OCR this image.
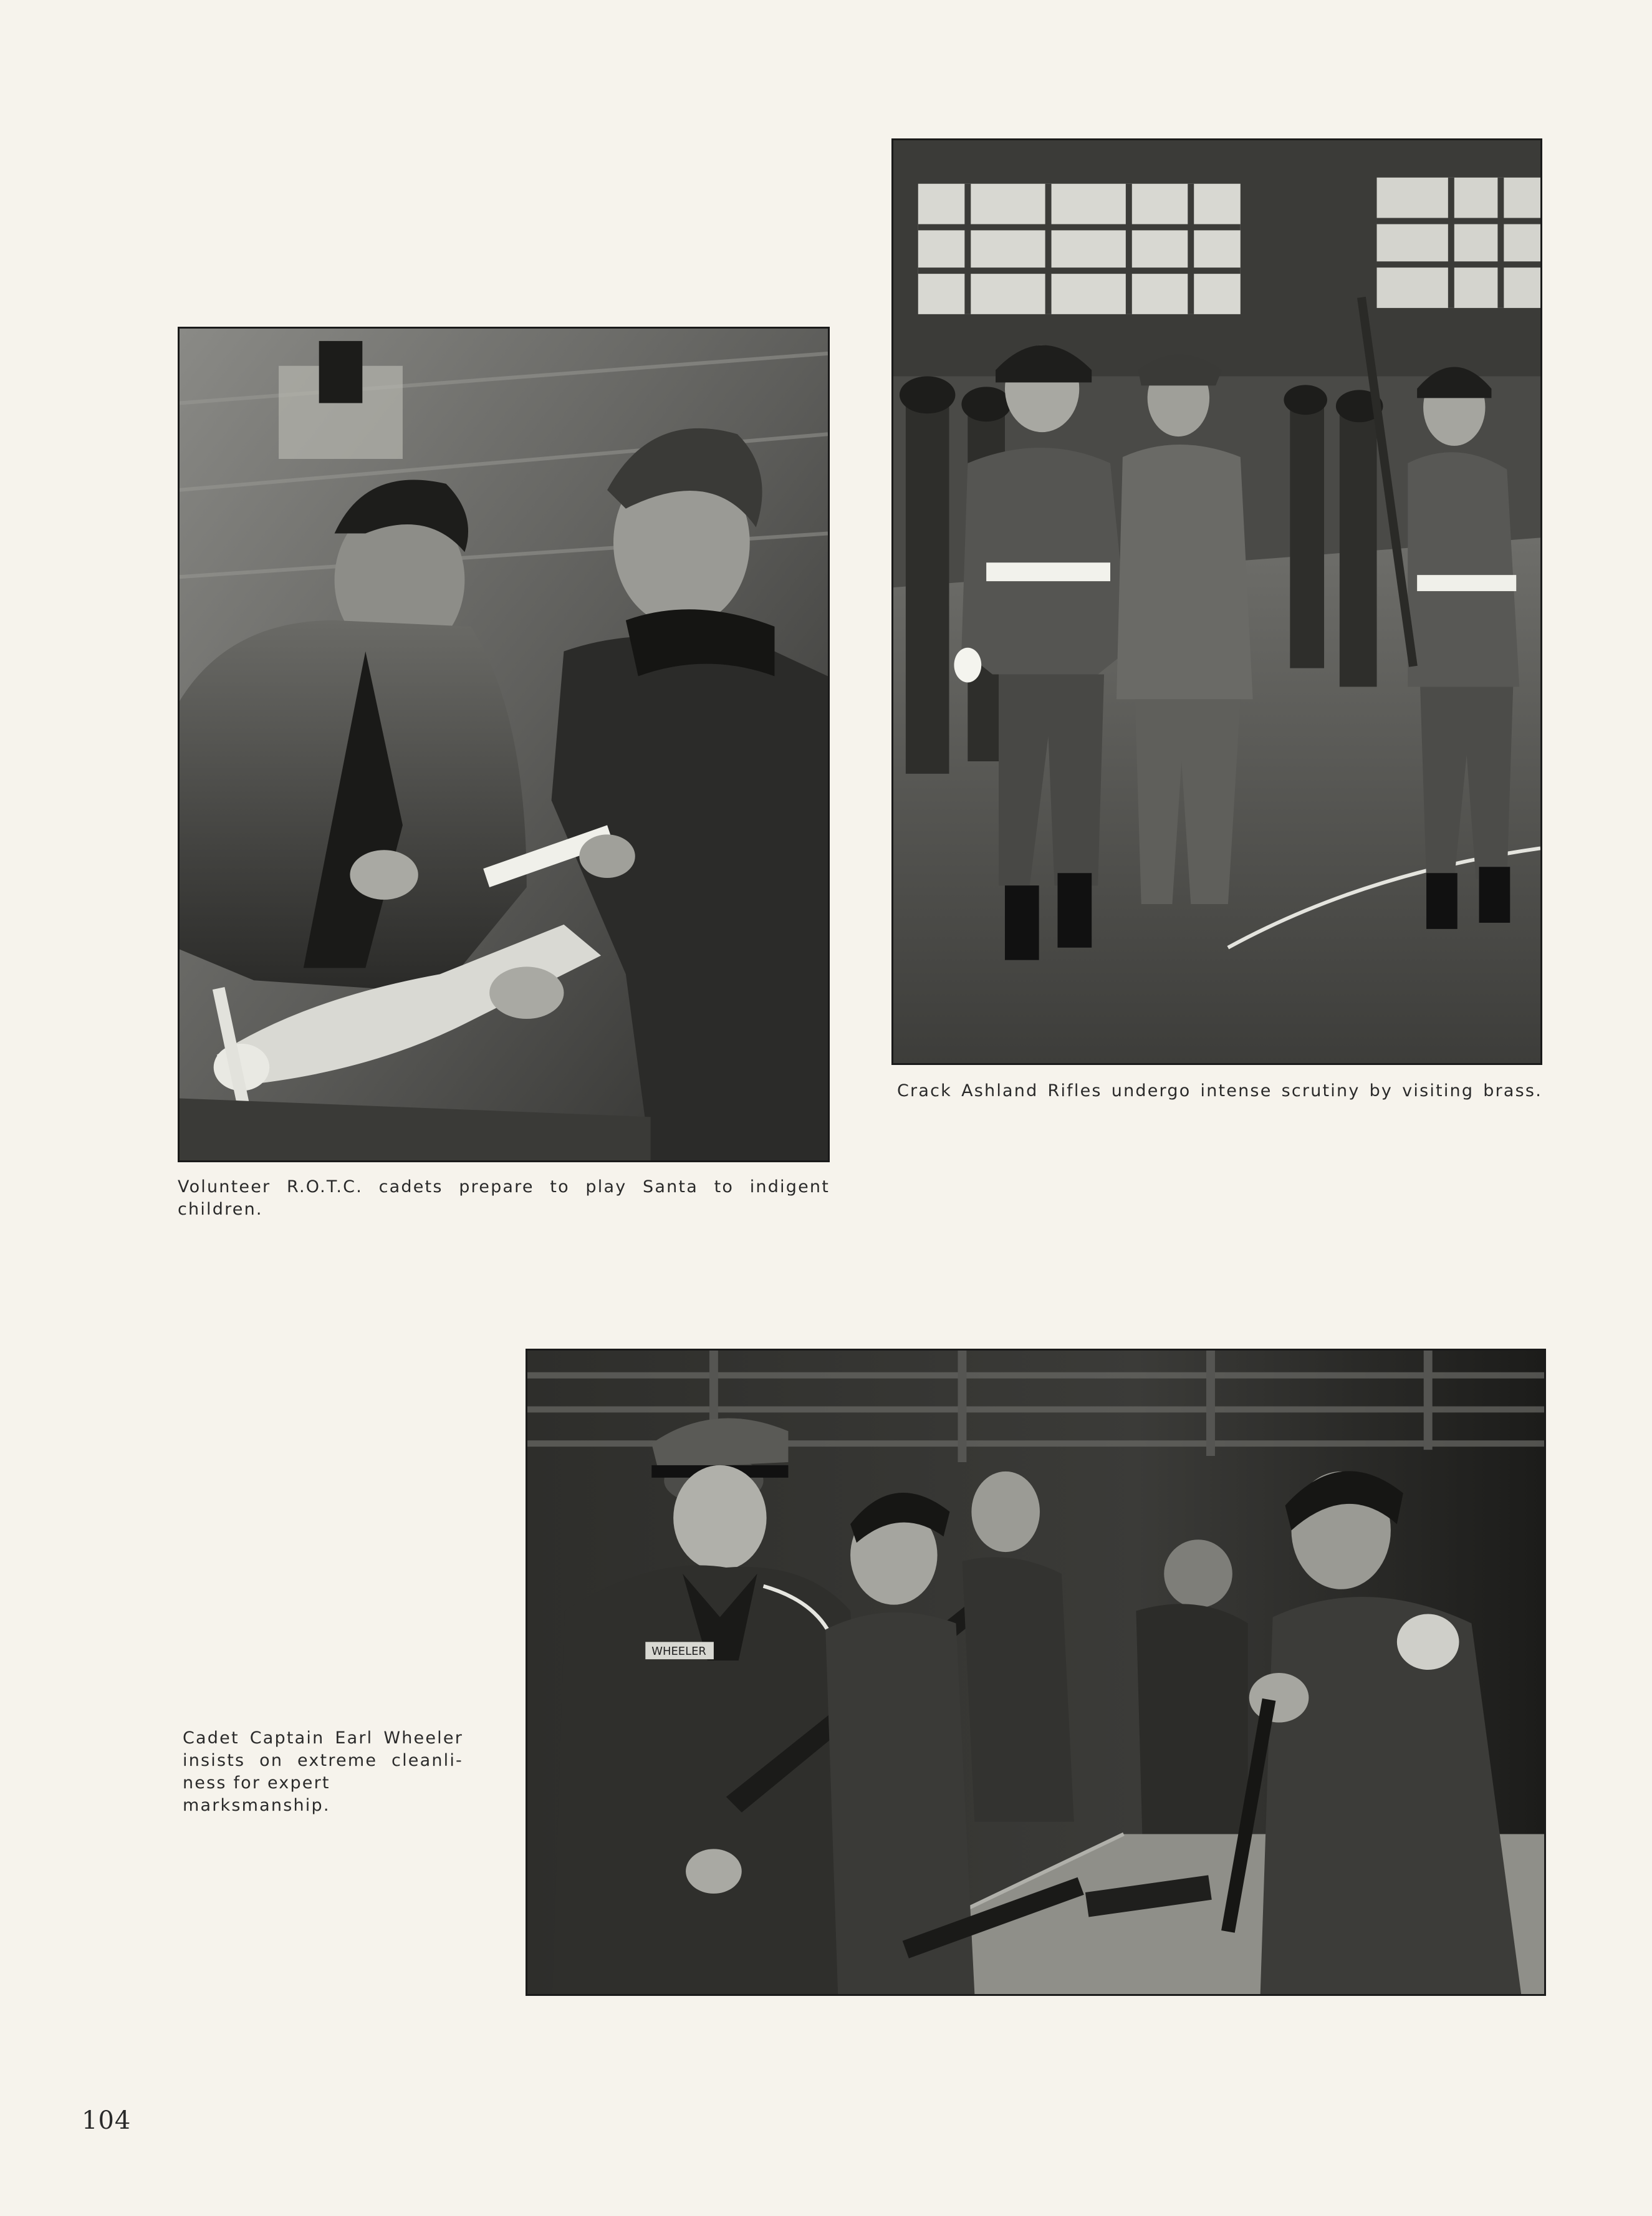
Volunteer R.O.T.C. cadets prepare to play Santa to indigent children.
Crack Ashland Rifles undergo intense scrutiny by visiting brass.
WHEELER
Cadet Captain Earl Wheeler
insists on extreme cleanli-
ness for expert marksmanship.
104
